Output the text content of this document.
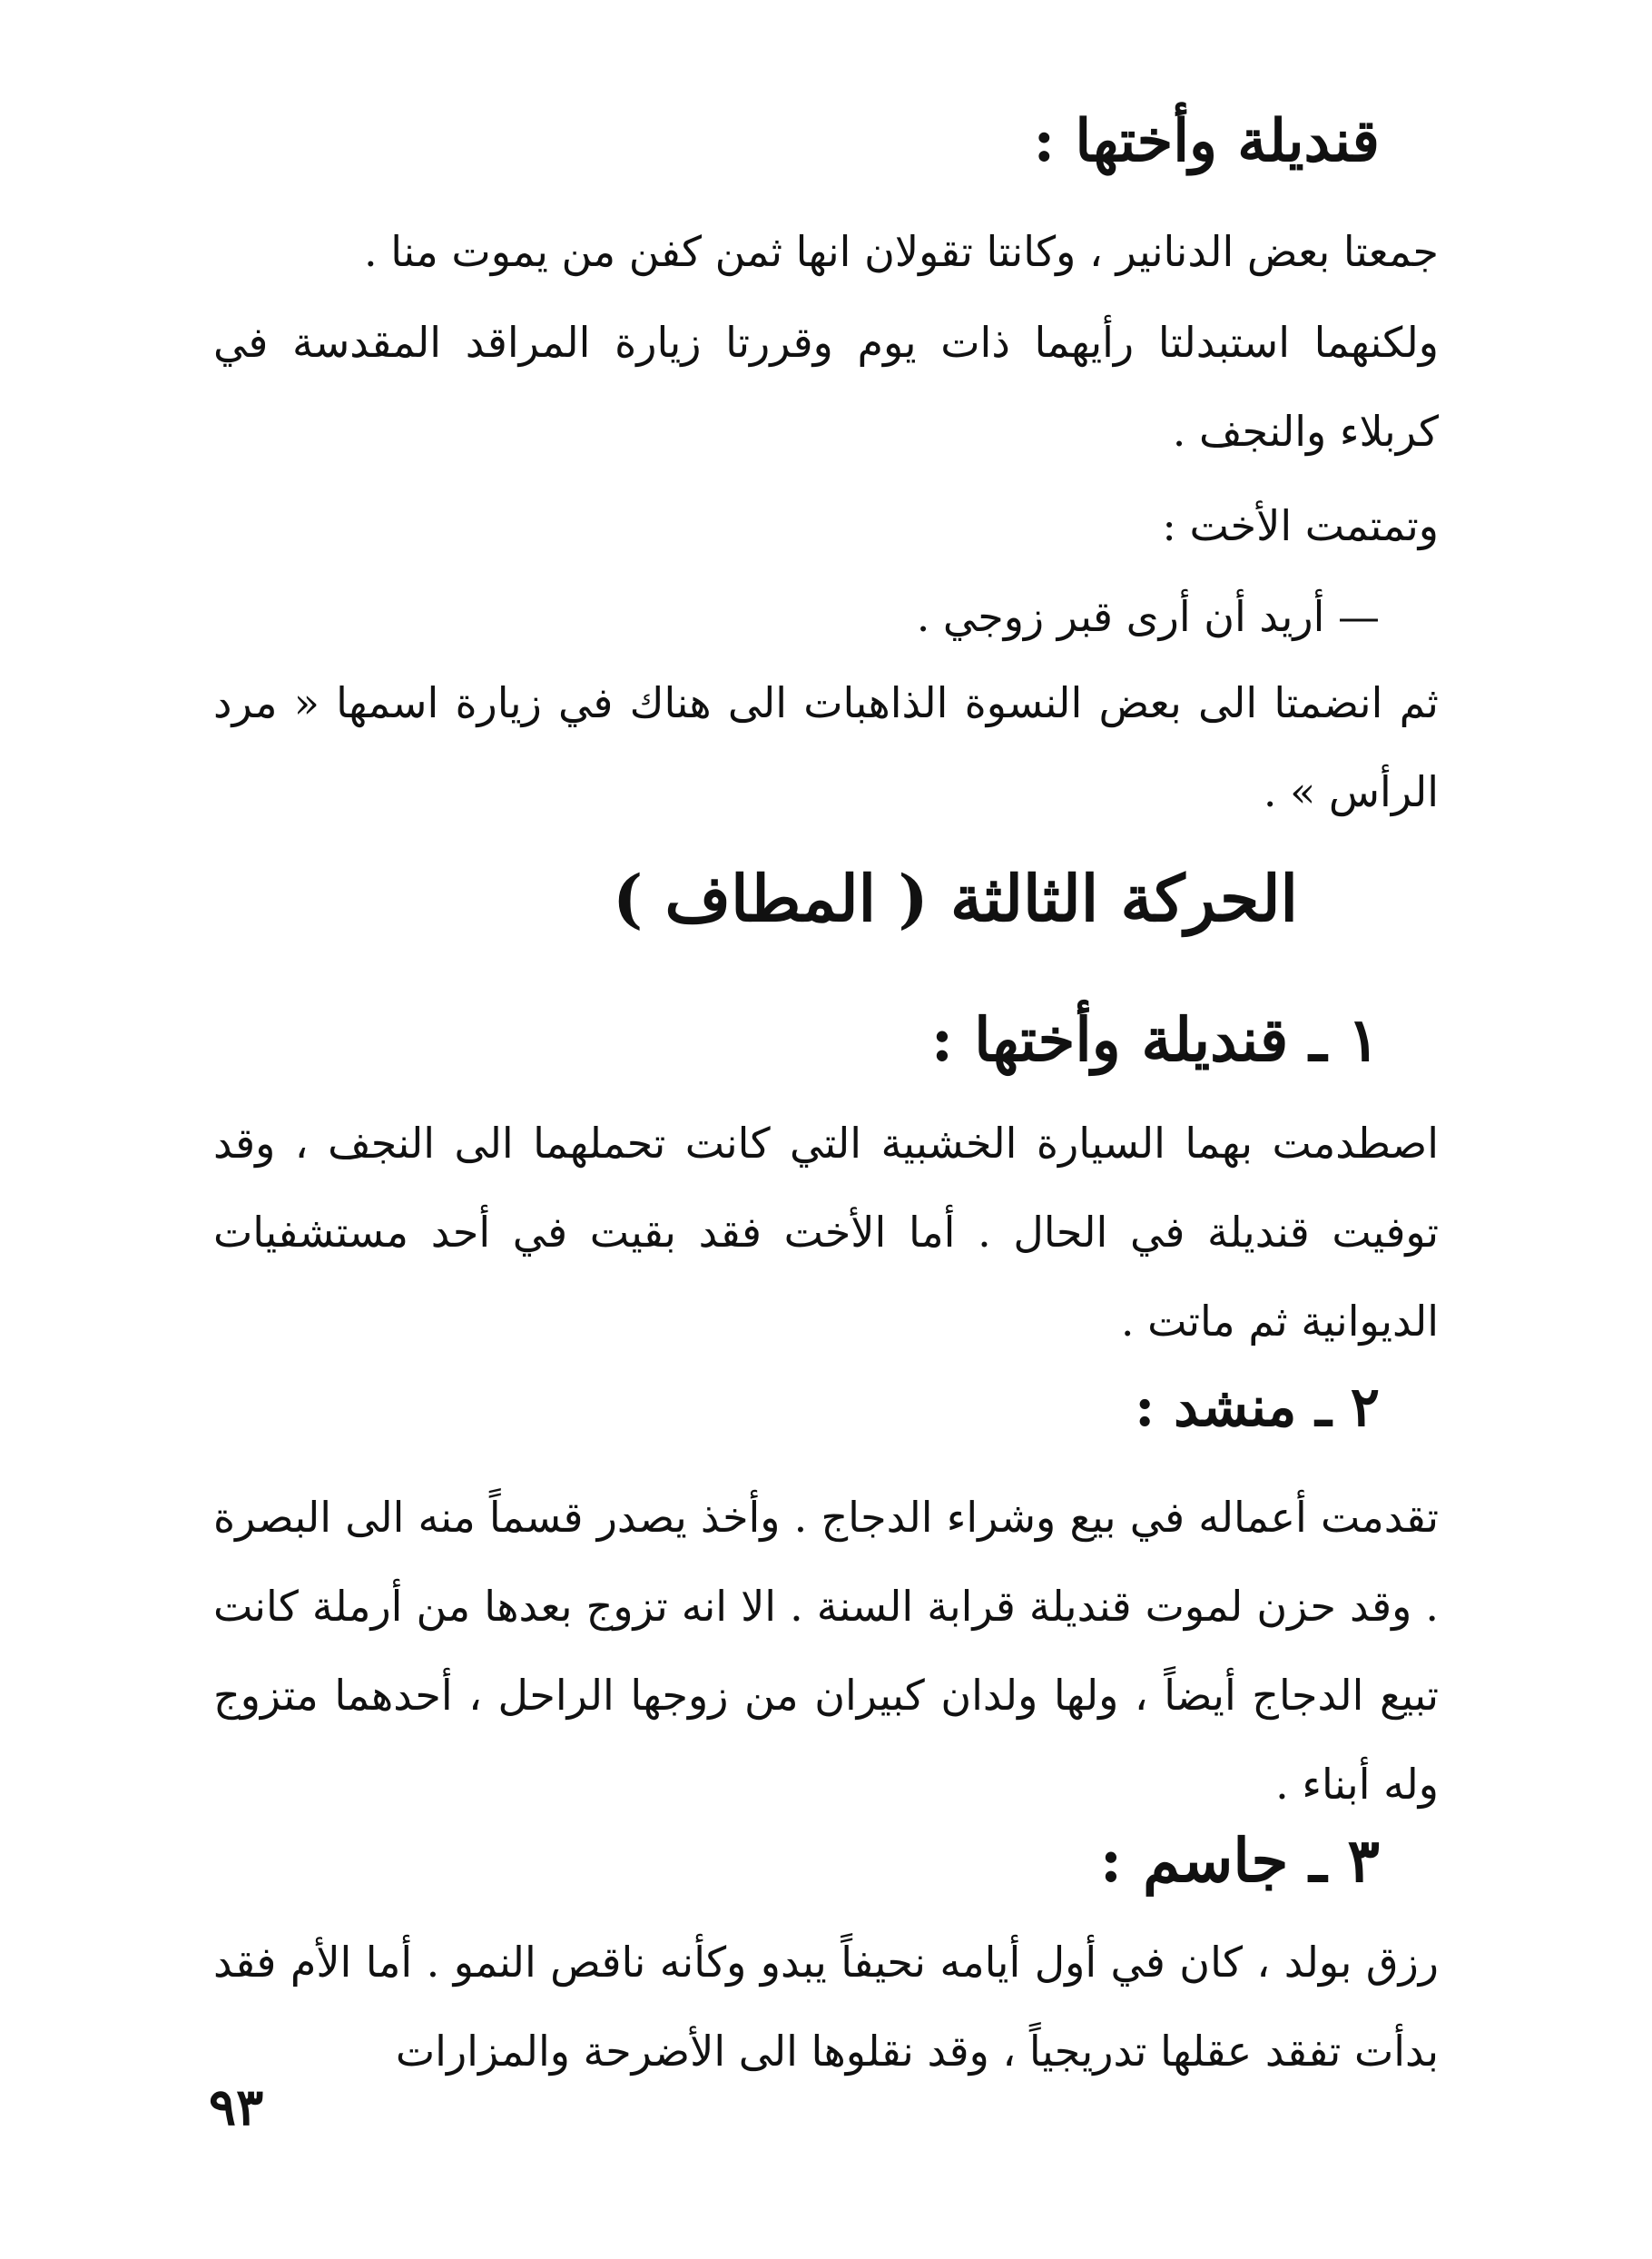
قنديلة وأختها :

جمعتا بعض الدنانير ، وكانتا تقولان انها ثمن كفن من يموت منا .

ولكنهما استبدلتا رأيهما ذات يوم وقررتا زيارة المراقد المقدسة في كربلاء والنجف .

وتمتمت الأخت :

— أريد أن أرى قبر زوجي .

ثم انضمتا الى بعض النسوة الذاهبات الى هناك في زيارة اسمها « مرد الرأس » .

الحركة الثالثة ( المطاف )
١ ـ قنديلة وأختها :

اصطدمت بهما السيارة الخشبية التي كانت تحملهما الى النجف ، وقد توفيت قنديلة في الحال . أما الأخت فقد بقيت في أحد مستشفيات الديوانية ثم ماتت .

٢ ـ منشد :

تقدمت أعماله في بيع وشراء الدجاج . وأخذ يصدر قسماً منه الى البصرة . وقد حزن لموت قنديلة قرابة السنة . الا انه تزوج بعدها من أرملة كانت تبيع الدجاج أيضاً ، ولها ولدان كبيران من زوجها الراحل ، أحدهما متزوج وله أبناء .

٣ ـ جاسم :

رزق بولد ، كان في أول أيامه نحيفاً يبدو وكأنه ناقص النمو . أما الأم فقد بدأت تفقد عقلها تدريجياً ، وقد نقلوها الى الأضرحة والمزارات

٩٣
